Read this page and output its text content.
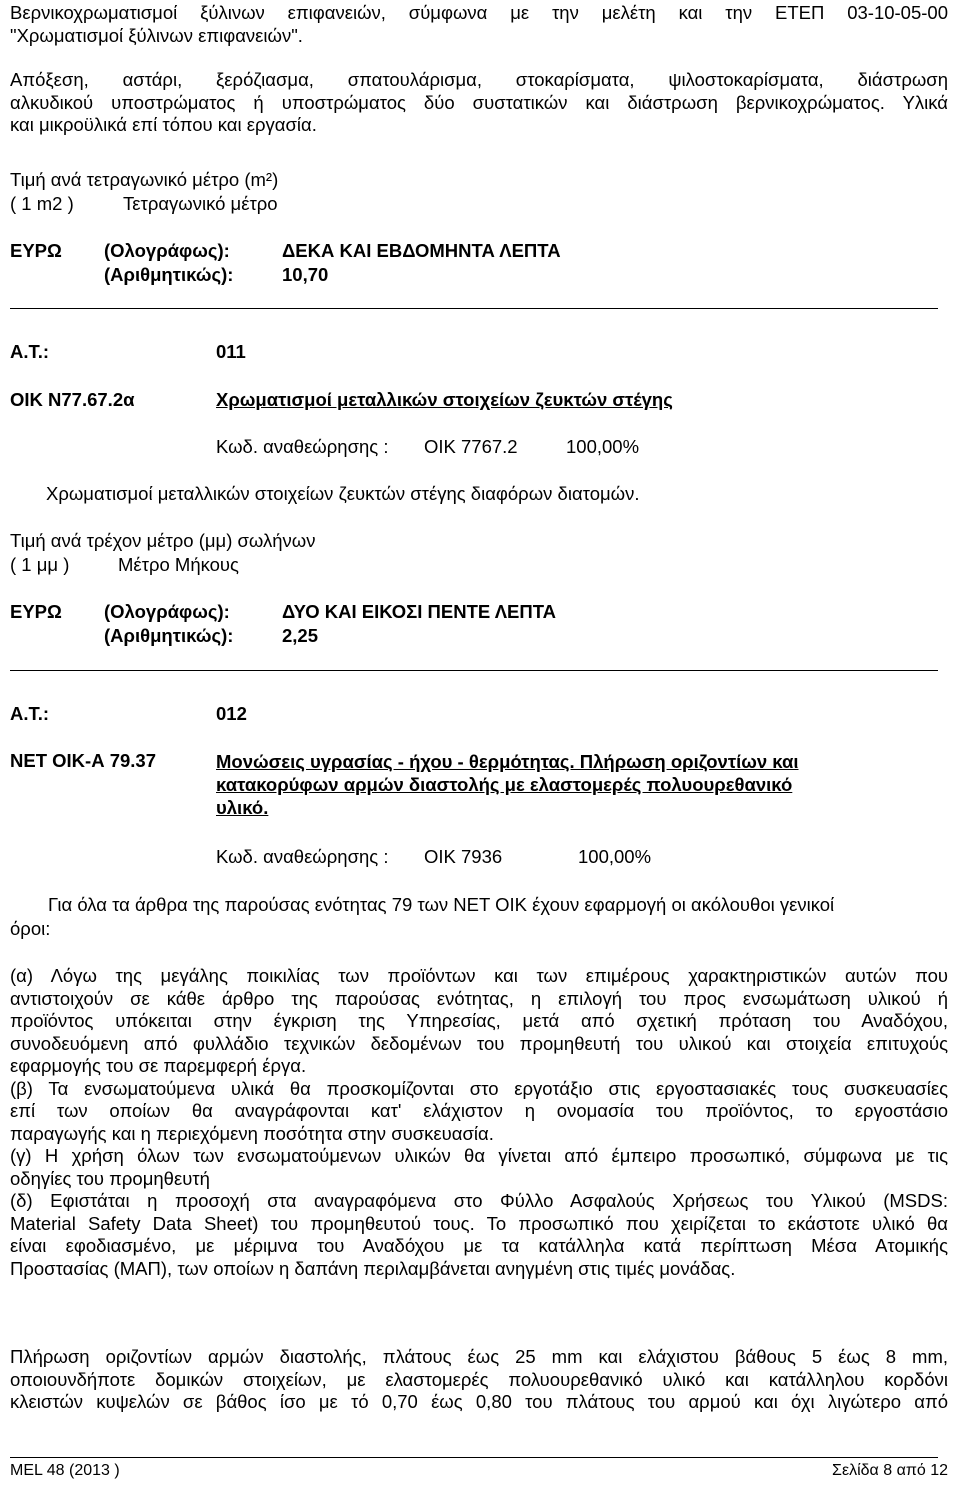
Βερνικοχρωματισμοί ξύλινων επιφανειών, σύμφωνα με την μελέτη και την ΕΤΕΠ 03-10-05-00
"Χρωματισμοί ξύλινων επιφανειών".
Απόξεση, αστάρι, ξερόζιασμα, σπατουλάρισμα, στοκαρίσματα, ψιλοστοκαρίσματα, διάστρωση
αλκυδικού υποστρώματος ή υποστρώματος δύο συστατικών και διάστρωση βερνικοχρώματος. Υλικά
και μικροϋλικά επί τόπου και εργασία.
Τιμή ανά τετραγωνικό μέτρο (m²)
( 1 m2 )	Τετραγωνικό μέτρο
ΕΥΡΩ (Ολογράφως):	ΔΕΚΑ ΚΑΙ ΕΒΔΟΜΗΝΤΑ ΛΕΠΤΑ
(Αριθμητικώς):	10,70
Α.Τ.:	011
ΟΙΚ Ν77.67.2α	Χρωματισμοί μεταλλικών στοιχείων ζευκτών στέγης
Κωδ. αναθεώρησης : ΟΙΚ 7767.2	100,00%
Χρωματισμοί μεταλλικών στοιχείων ζευκτών στέγης διαφόρων διατομών.
Τιμή ανά τρέχον μέτρο (μμ) σωλήνων
( 1 μμ )	Μέτρο Μήκους
ΕΥΡΩ (Ολογράφως):	ΔΥΟ ΚΑΙ ΕΙΚΟΣΙ ΠΕΝΤΕ ΛΕΠΤΑ
(Αριθμητικώς):	2,25
Α.Τ.:	012
ΝΕΤ ΟΙΚ-Α 79.37	Μονώσεις υγρασίας - ήχου - θερμότητας. Πλήρωση οριζοντίων και
κατακορύφων αρμών διαστολής με ελαστομερές πολυουρεθανικό
υλικό.
Κωδ. αναθεώρησης : ΟΙΚ 7936	100,00%
Για όλα τα άρθρα της παρούσας ενότητας 79 των ΝΕΤ ΟΙΚ έχουν εφαρμογή οι ακόλουθοι γενικοί
όροι:
(α) Λόγω της μεγάλης ποικιλίας των προϊόντων και των επιμέρους χαρακτηριστικών αυτών που
αντιστοιχούν σε κάθε άρθρο της παρούσας ενότητας, η επιλογή του προς ενσωμάτωση υλικού ή
προϊόντος υπόκειται στην έγκριση της Υπηρεσίας, μετά από σχετική πρόταση του Αναδόχου,
συνοδευόμενη από φυλλάδιο τεχνικών δεδομένων του προμηθευτή του υλικού και στοιχεία επιτυχούς
εφαρμογής του σε παρεμφερή έργα.
(β) Τα ενσωματούμενα υλικά θα προσκομίζονται στο εργοτάξιο στις εργοστασιακές τους συσκευασίες
επί των οποίων θα αναγράφονται κατ' ελάχιστον η ονομασία του προϊόντος, το εργοστάσιο
παραγωγής και η περιεχόμενη ποσότητα στην συσκευασία.
(γ) Η χρήση όλων των ενσωματούμενων υλικών θα γίνεται από έμπειρο προσωπικό, σύμφωνα με τις
οδηγίες του προμηθευτή
(δ) Εφιστάται η προσοχή στα αναγραφόμενα στο Φύλλο Ασφαλούς Χρήσεως του Υλικού (MSDS:
Material Safety Data Sheet) του προμηθευτού τους. Το προσωπικό που χειρίζεται το εκάστοτε υλικό θα
είναι εφοδιασμένο, με μέριμνα του Αναδόχου με τα κατάλληλα κατά περίπτωση Μέσα Ατομικής
Προστασίας (ΜΑΠ), των οποίων η δαπάνη περιλαμβάνεται ανηγμένη στις τιμές μονάδας.
Πλήρωση οριζοντίων αρμών διαστολής, πλάτους έως 25 mm και ελάχιστου βάθους 5 έως 8 mm,
οποιουνδήποτε δομικών στοιχείων, με ελαστομερές πολυουρεθανικό υλικό και κατάλληλου κορδόνι
κλειστών κυψελών σε βάθος ίσο με τό 0,70 έως 0,80 του πλάτους του αρμού και όχι λιγώτερο από
MEL 48 (2013 )	Σελίδα 8 από 12
